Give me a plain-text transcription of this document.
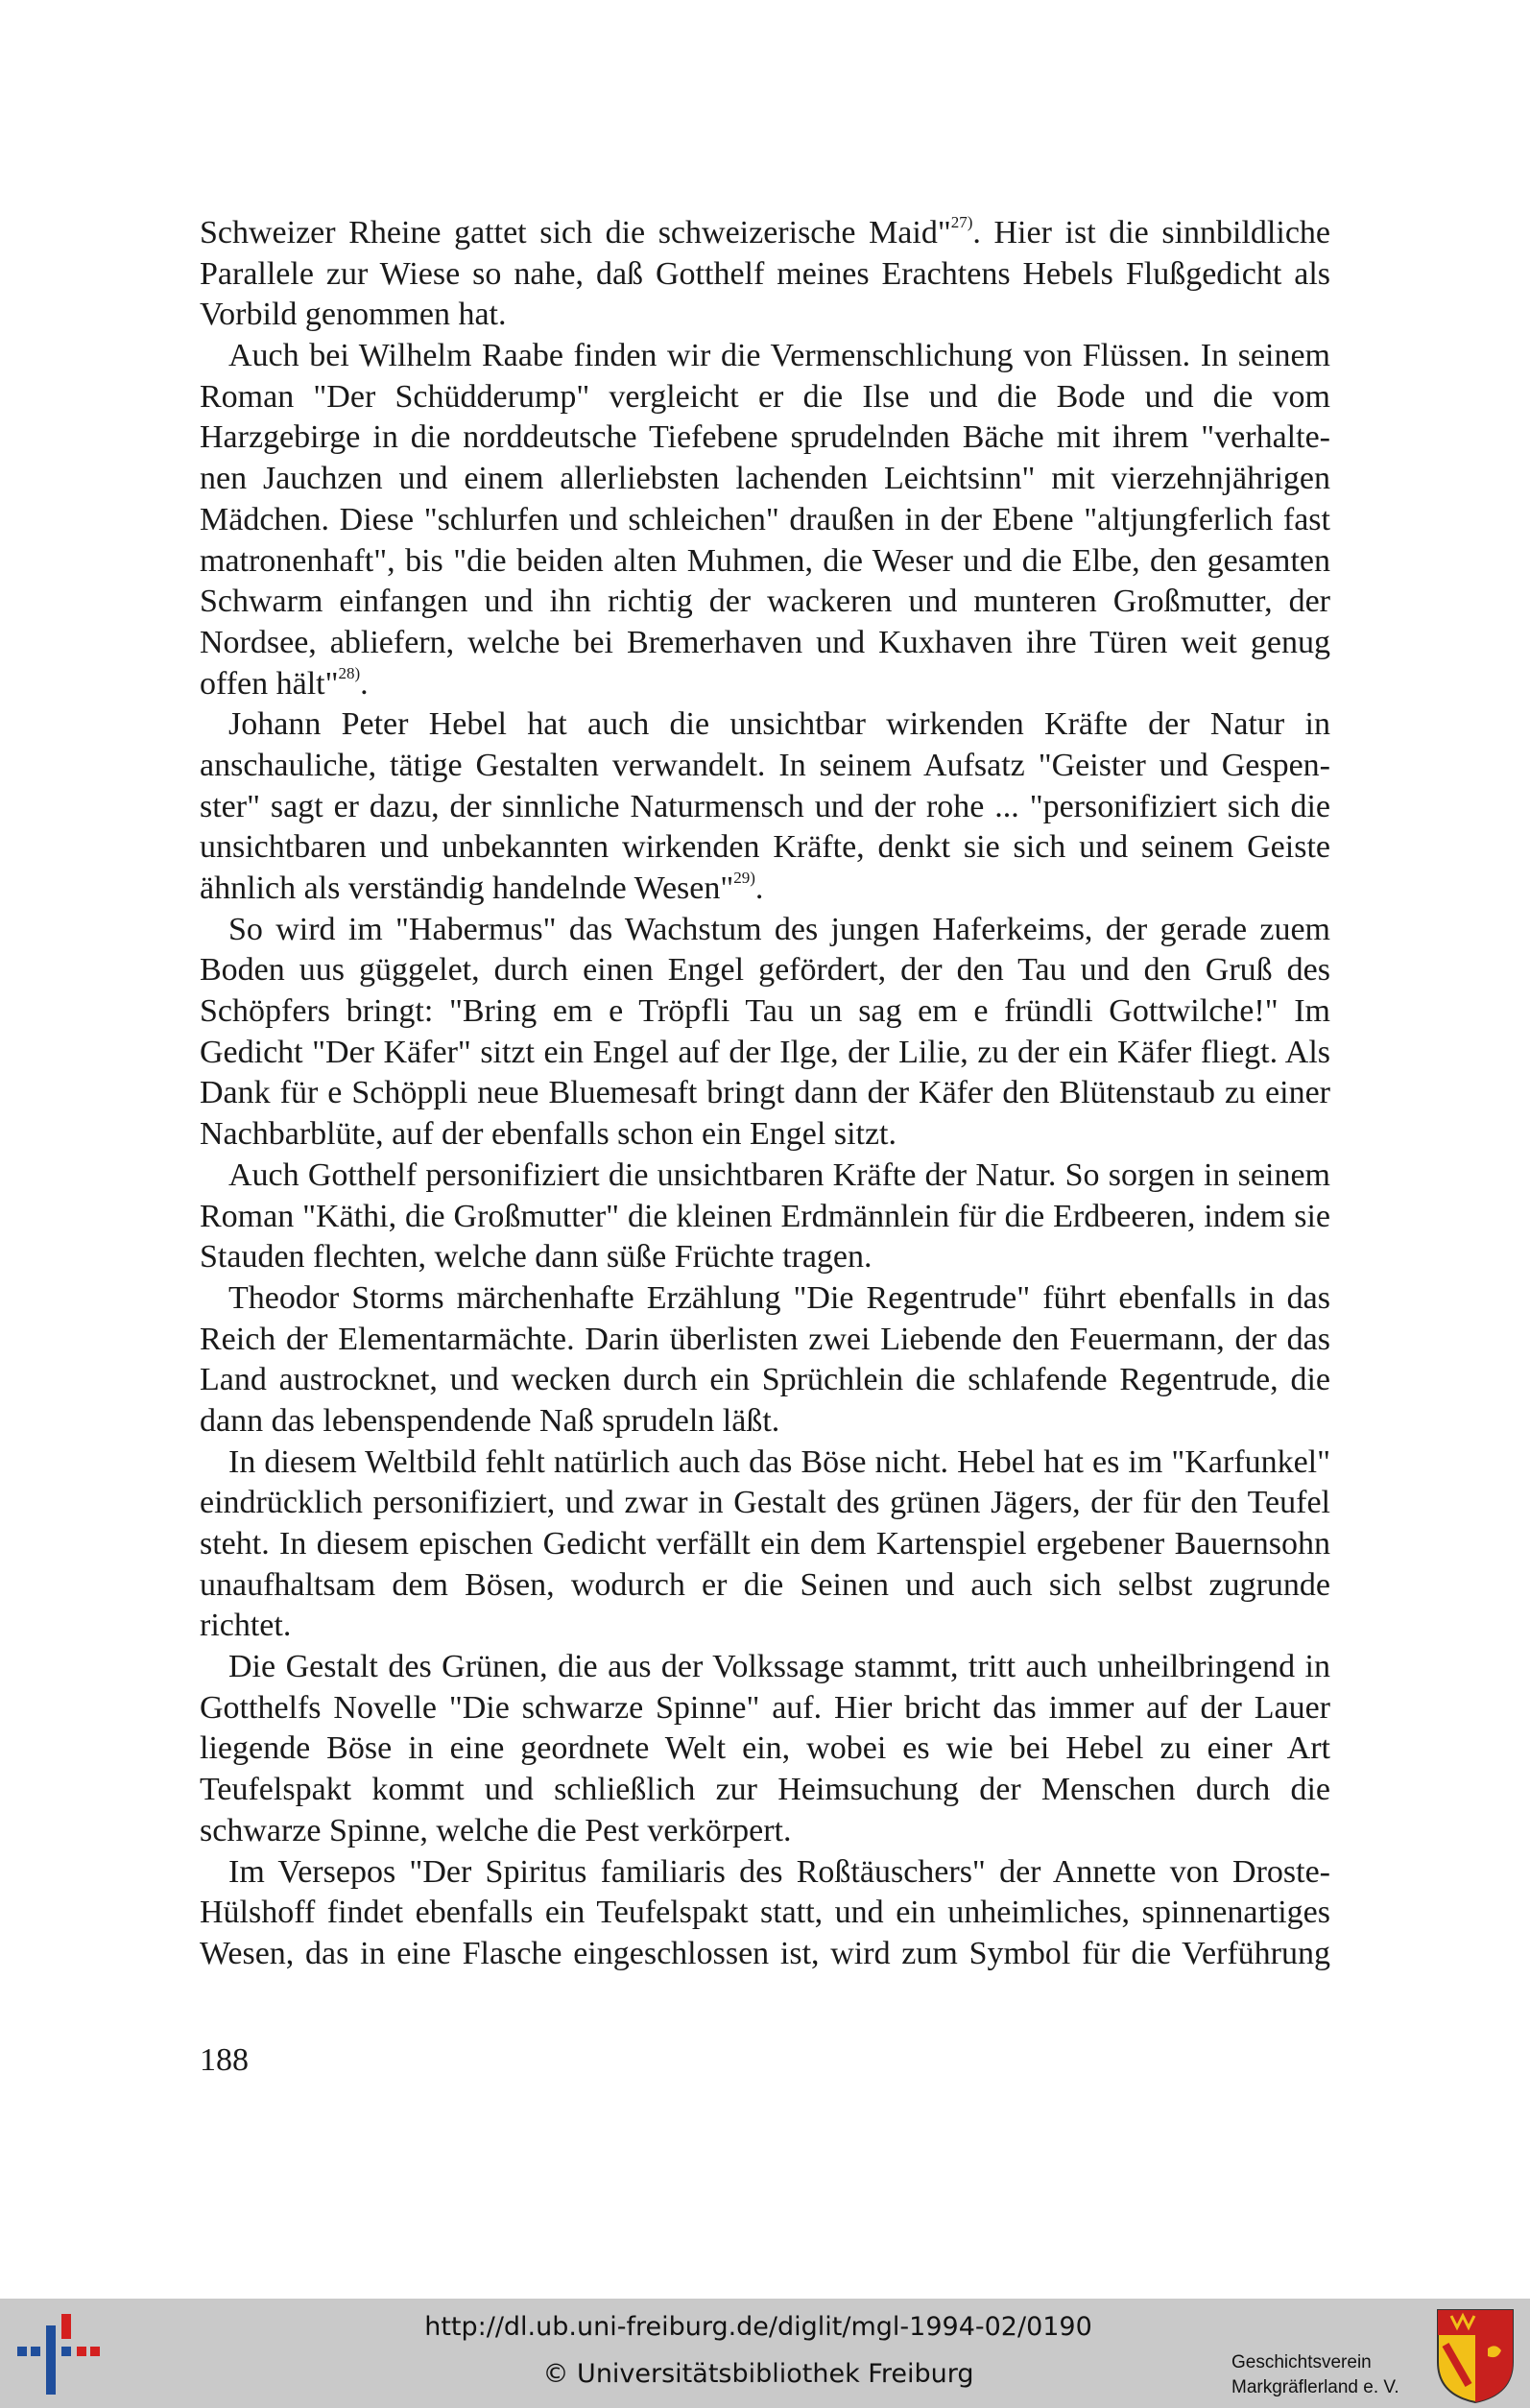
Schweizer Rheine gattet sich die schweizerische Maid"$^{27)}$. Hier ist die sinnbildliche
Parallele zur Wiese so nahe, daß Gotthelf meines Erachtens Hebels Flußgedicht als
Vorbild genommen hat.
Auch bei Wilhelm Raabe finden wir die Vermenschlichung von Flüssen. In seinem
Roman "Der Schüdderump" vergleicht er die Ilse und die Bode und die vom
Harzgebirge in die norddeutsche Tiefebene sprudelnden Bäche mit ihrem "verhalte-
nen Jauchzen und einem allerliebsten lachenden Leichtsinn" mit vierzehnjährigen
Mädchen. Diese "schlurfen und schleichen" draußen in der Ebene "altjungferlich fast
matronenhaft", bis "die beiden alten Muhmen, die Weser und die Elbe, den gesamten
Schwarm einfangen und ihn richtig der wackeren und munteren Großmutter, der
Nordsee, abliefern, welche bei Bremerhaven und Kuxhaven ihre Türen weit genug
offen hält"$^{28)}$.
Johann Peter Hebel hat auch die unsichtbar wirkenden Kräfte der Natur in
anschauliche, tätige Gestalten verwandelt. In seinem Aufsatz "Geister und Gespen-
ster" sagt er dazu, der sinnliche Naturmensch und der rohe ... "personifiziert sich die
unsichtbaren und unbekannten wirkenden Kräfte, denkt sie sich und seinem Geiste
ähnlich als verständig handelnde Wesen"$^{29)}$.
So wird im "Habermus" das Wachstum des jungen Haferkeims, der gerade zuem
Boden uus güggelet, durch einen Engel gefördert, der den Tau und den Gruß des
Schöpfers bringt: "Bring em e Tröpfli Tau un sag em e fründli Gottwilche!" Im
Gedicht "Der Käfer" sitzt ein Engel auf der Ilge, der Lilie, zu der ein Käfer fliegt. Als
Dank für e Schöppli neue Bluemesaft bringt dann der Käfer den Blütenstaub zu einer
Nachbarblüte, auf der ebenfalls schon ein Engel sitzt.
Auch Gotthelf personifiziert die unsichtbaren Kräfte der Natur. So sorgen in seinem
Roman "Käthi, die Großmutter" die kleinen Erdmännlein für die Erdbeeren, indem sie
Stauden flechten, welche dann süße Früchte tragen.
Theodor Storms märchenhafte Erzählung "Die Regentrude" führt ebenfalls in das
Reich der Elementarmächte. Darin überlisten zwei Liebende den Feuermann, der das
Land austrocknet, und wecken durch ein Sprüchlein die schlafende Regentrude, die
dann das lebenspendende Naß sprudeln läßt.
In diesem Weltbild fehlt natürlich auch das Böse nicht. Hebel hat es im "Karfunkel"
eindrücklich personifiziert, und zwar in Gestalt des grünen Jägers, der für den Teufel
steht. In diesem epischen Gedicht verfällt ein dem Kartenspiel ergebener Bauernsohn
unaufhaltsam dem Bösen, wodurch er die Seinen und auch sich selbst zugrunde
richtet.
Die Gestalt des Grünen, die aus der Volkssage stammt, tritt auch unheilbringend in
Gotthelfs Novelle "Die schwarze Spinne" auf. Hier bricht das immer auf der Lauer
liegende Böse in eine geordnete Welt ein, wobei es wie bei Hebel zu einer Art
Teufelspakt kommt und schließlich zur Heimsuchung der Menschen durch die
schwarze Spinne, welche die Pest verkörpert.
Im Versepos "Der Spiritus familiaris des Roßtäuschers" der Annette von Droste-
Hülshoff findet ebenfalls ein Teufelspakt statt, und ein unheimliches, spinnenartiges
Wesen, das in eine Flasche eingeschlossen ist, wird zum Symbol für die Verführung
188
http://dl.ub.uni-freiburg.de/diglit/mgl-1994-02/0190
© Universitätsbibliothek Freiburg	Geschichtsverein
Markgräflerland e. V.
